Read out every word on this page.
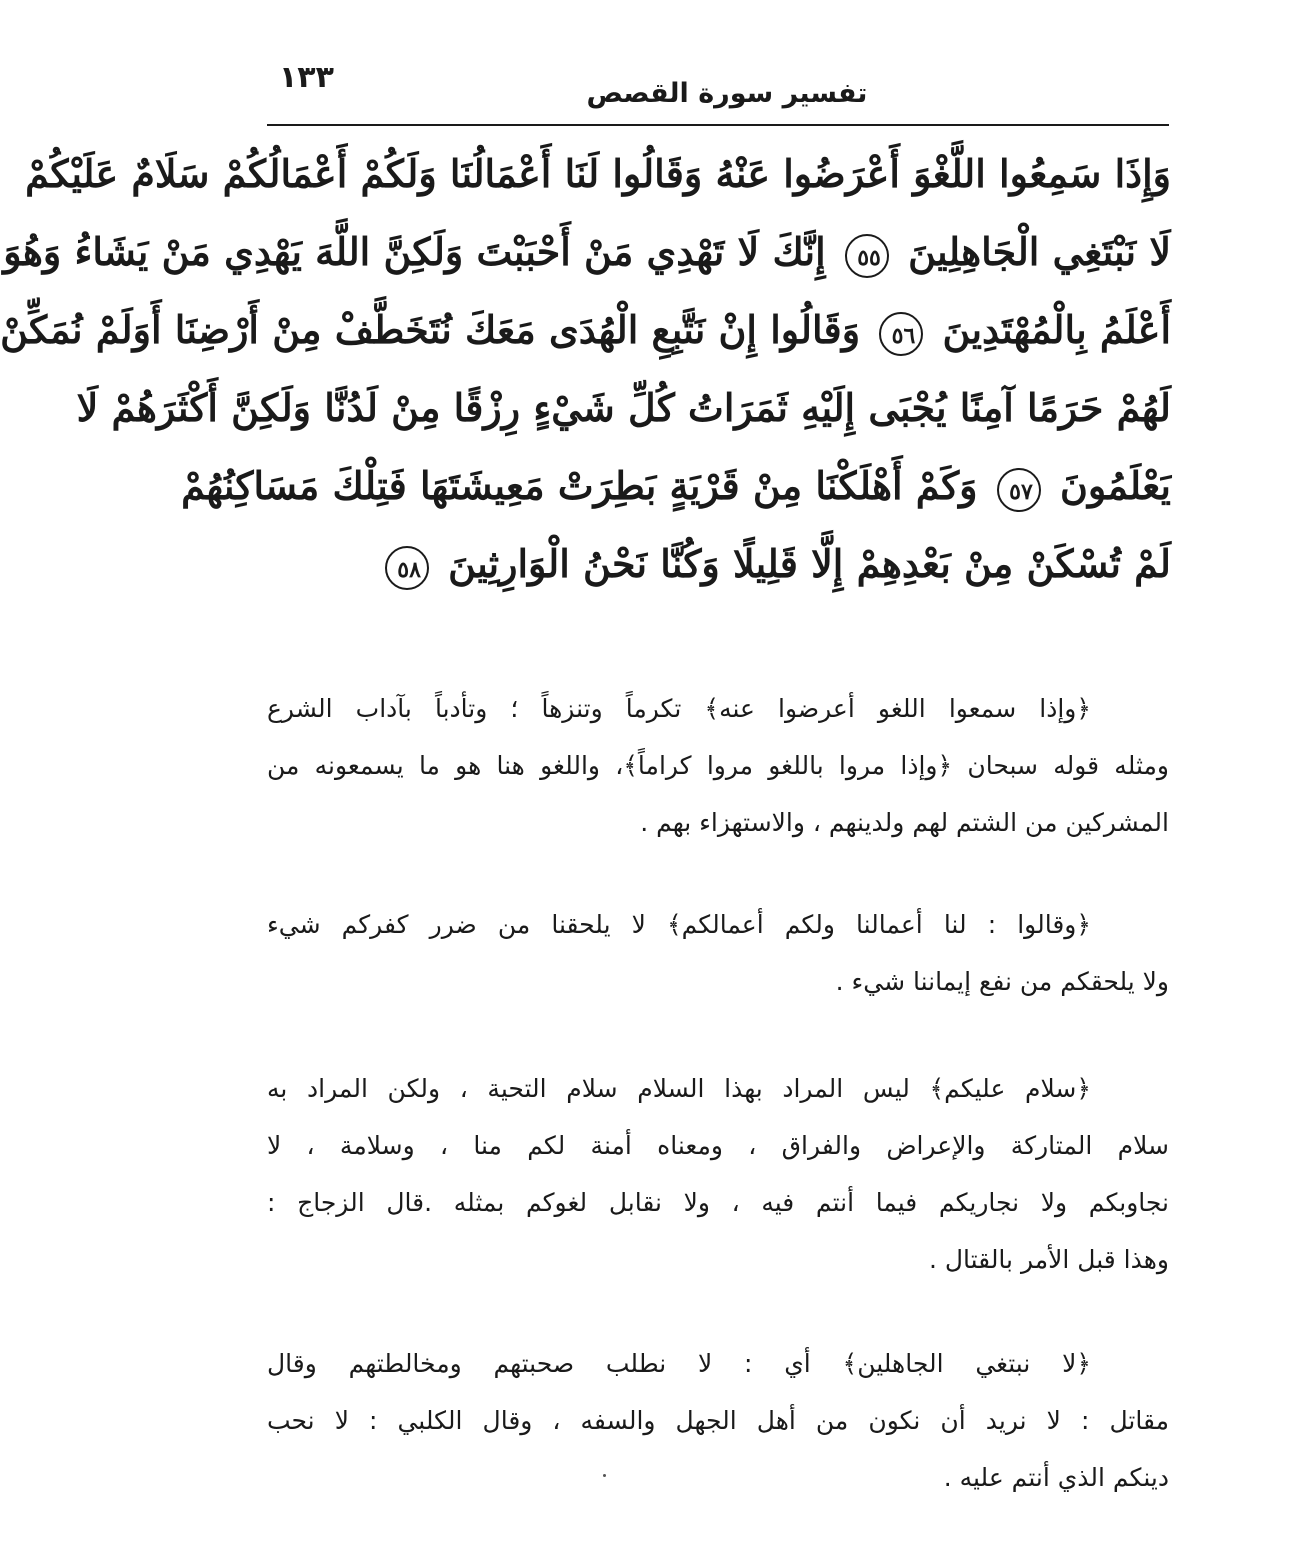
١٣٣	تفسير سورة القصص
وَإِذَا سَمِعُوا اللَّغْوَ أَعْرَضُوا عَنْهُ وَقَالُوا لَنَا أَعْمَالُنَا وَلَكُمْ أَعْمَالُكُمْ سَلَامٌ عَلَيْكُمْ
لَا نَبْتَغِي الْجَاهِلِينَ ٥٥ إِنَّكَ لَا تَهْدِي مَنْ أَحْبَبْتَ وَلَكِنَّ اللَّهَ يَهْدِي مَنْ يَشَاءُ وَهُوَ
أَعْلَمُ بِالْمُهْتَدِينَ ٥٦ وَقَالُوا إِنْ نَتَّبِعِ الْهُدَى مَعَكَ نُتَخَطَّفْ مِنْ أَرْضِنَا أَوَلَمْ نُمَكِّنْ
لَهُمْ حَرَمًا آمِنًا يُجْبَى إِلَيْهِ ثَمَرَاتُ كُلِّ شَيْءٍ رِزْقًا مِنْ لَدُنَّا وَلَكِنَّ أَكْثَرَهُمْ لَا
يَعْلَمُونَ ٥٧ وَكَمْ أَهْلَكْنَا مِنْ قَرْيَةٍ بَطِرَتْ مَعِيشَتَهَا فَتِلْكَ مَسَاكِنُهُمْ
لَمْ تُسْكَنْ مِنْ بَعْدِهِمْ إِلَّا قَلِيلًا وَكُنَّا نَحْنُ الْوَارِثِينَ ٥٨
﴿وإذا سمعوا اللغو أعرضوا عنه﴾ تكرماً وتنزهاً ؛ وتأدباً بآداب الشرع
ومثله قوله سبحان ﴿وإذا مروا باللغو مروا كراماً﴾، واللغو هنا هو ما يسمعونه من
المشركين من الشتم لهم ولدينهم ، والاستهزاء بهم .
﴿وقالوا : لنا أعمالنا ولكم أعمالكم﴾ لا يلحقنا من ضرر كفركم شيء
ولا يلحقكم من نفع إيماننا شيء .
﴿سلام عليكم﴾ ليس المراد بهذا السلام سلام التحية ، ولكن المراد به
سلام المتاركة والإعراض والفراق ، ومعناه أمنة لكم منا ، وسلامة ، لا
نجاوبكم ولا نجاريكم فيما أنتم فيه ، ولا نقابل لغوكم بمثله .قال الزجاج :
وهذا قبل الأمر بالقتال .
﴿لا نبتغي الجاهلين﴾ أي : لا نطلب صحبتهم ومخالطتهم وقال
مقاتل : لا نريد أن نكون من أهل الجهل والسفه ، وقال الكلبي : لا نحب
دينكم الذي أنتم عليه .
